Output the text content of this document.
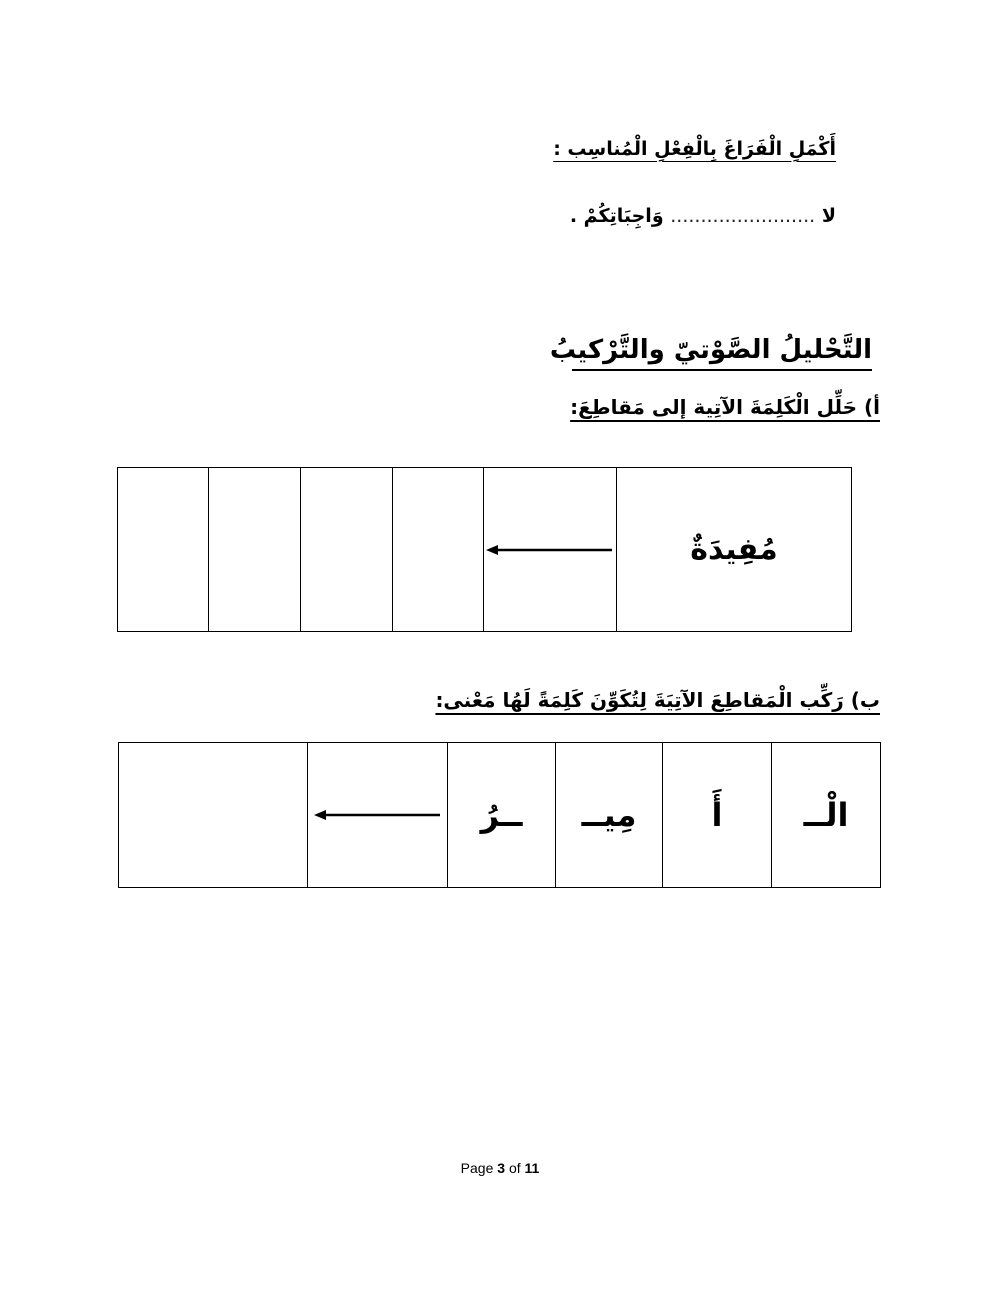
أَكْمَلِ الْفَرَاغَ بِالْفِعْلِ الْمُناسِب :
لا ........................ وَاجِبَاتِكُمْ .
التَّحْليلُ الصَّوْتيّ والتَّرْكيبُ
أ) حَلِّل الْكَلِمَةَ الآتِية إلى مَقاطِعَ:

	مُفِيدَةٌ
ب) رَكِّب الْمَقاطِعَ الآتِيَةَ لِتُكَوِّنَ كَلِمَةً لَهُا مَعْنى:

	ــرُ	مِيــ	أَ	الْــ
Page 3 of 11
